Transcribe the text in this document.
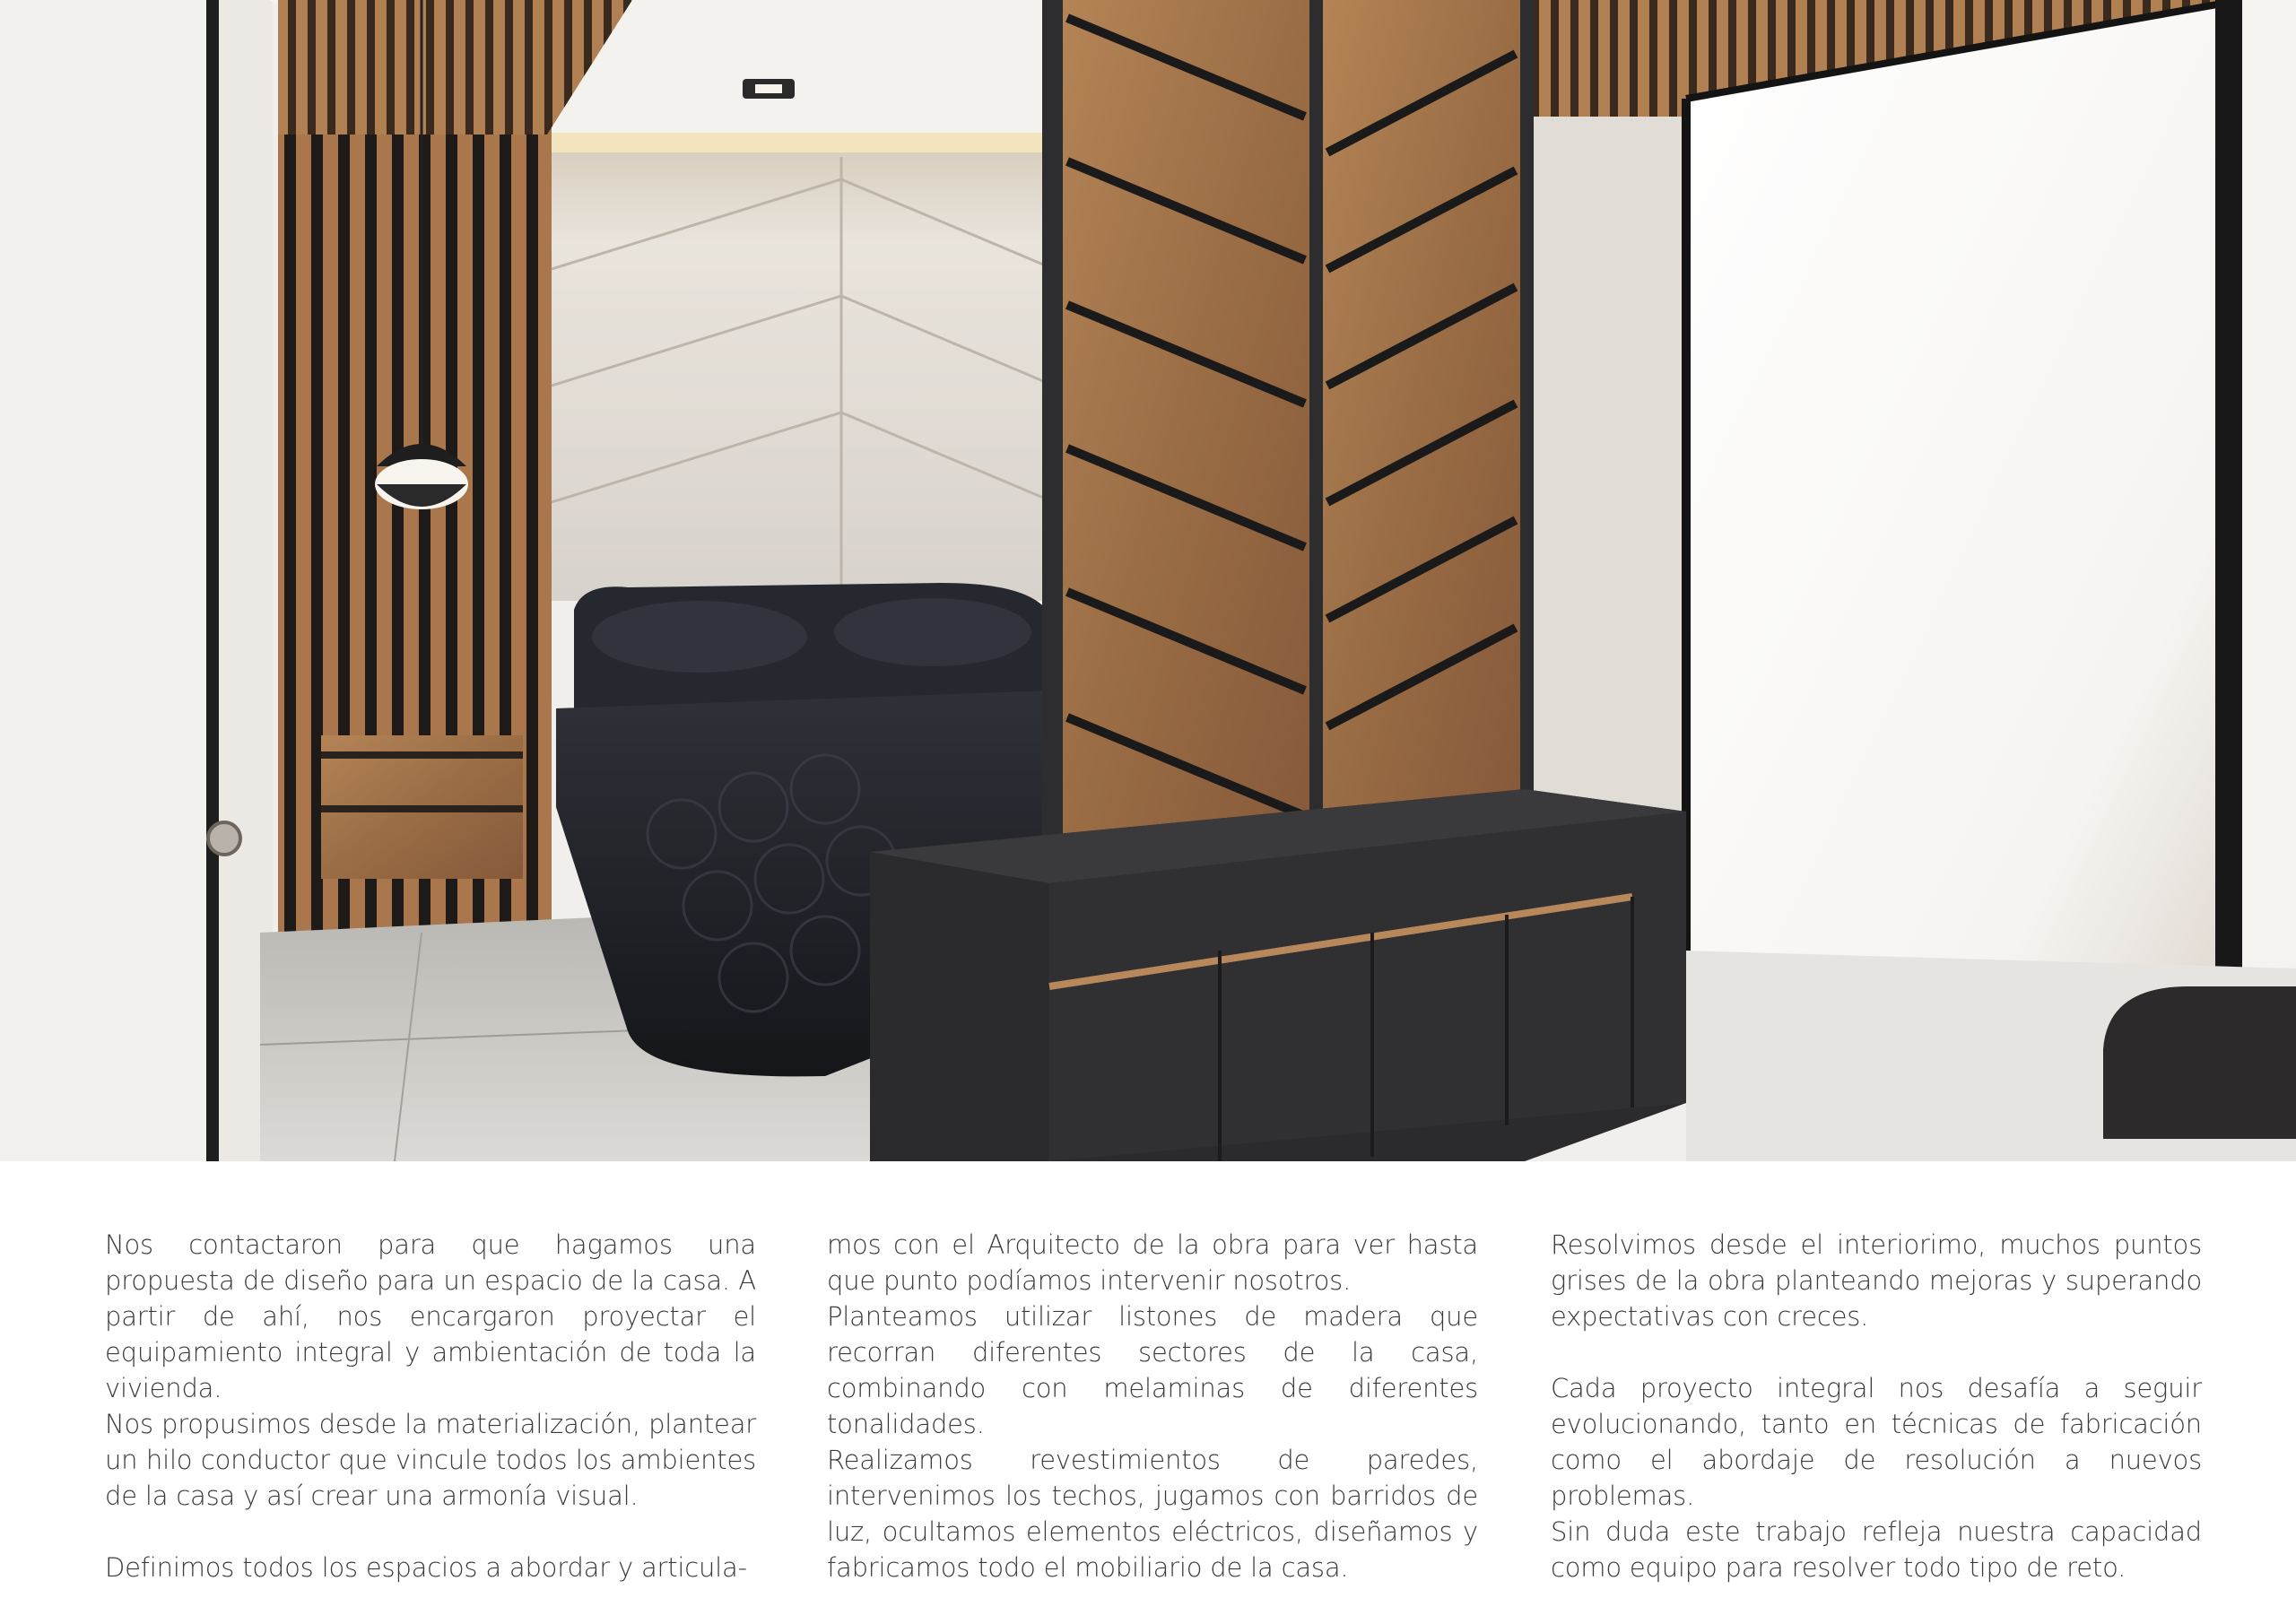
Nos contactaron para que hagamos una propuesta de diseño para un espacio de la casa. A partir de ahí, nos encargaron proyectar el equipamiento integral y ambientación de toda la vivienda.

Nos propusimos desde la materialización, plantear un hilo conductor que vincule todos los ambientes de la casa y así crear una armonía visual.

Definimos todos los espacios a abordar y articula-

mos con el Arquitecto de la obra para ver hasta que punto podíamos intervenir nosotros.

Planteamos utilizar listones de madera que recorran diferentes sectores de la casa, combinando con melaminas de diferentes tonalidades.

Realizamos revestimientos de paredes, intervenimos los techos, jugamos con barridos de luz, ocultamos elementos eléctricos, diseñamos y fabricamos todo el mobiliario de la casa.

Resolvimos desde el interiorimo, muchos puntos grises de la obra planteando mejoras y superando expectativas con creces.

Cada proyecto integral nos desafía a seguir evolucionando, tanto en técnicas de fabricación como el abordaje de resolución a nuevos problemas.

Sin duda este trabajo refleja nuestra capacidad como equipo para resolver todo tipo de reto.
